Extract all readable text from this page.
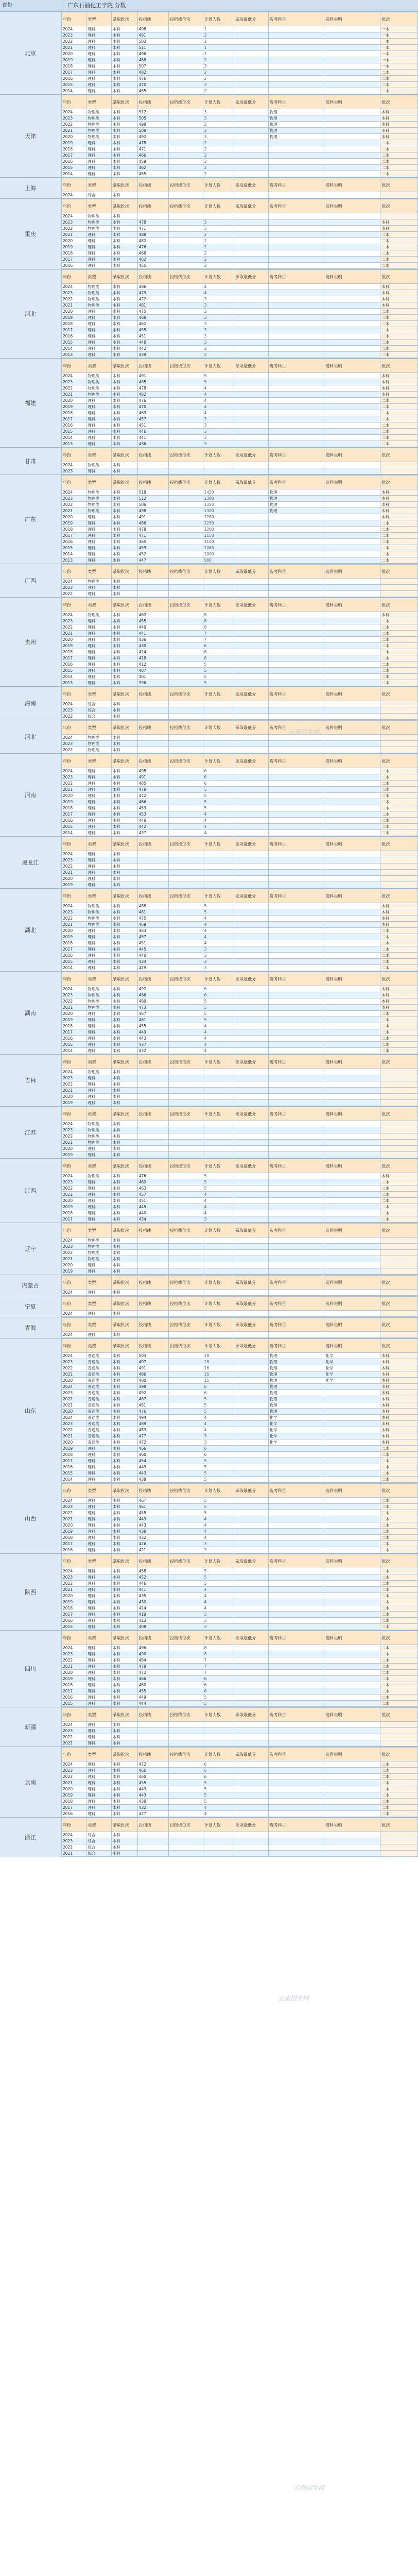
省份	广东石油化工学院 分数
北京
年份	类型	录取批次	投档线	投档线位次	计划人数	录取最低分	选考科目	选科说明	批次
2024	理科	本科	498		1				一本
2023	理科	本科	491		2				一本
2022	理科	本科	503		1				一本
2021	理科	本科	511		1				一本
2020	理科	本科	496		2				一本
2019	理科	本科	488		2				一本
2018	理科	本科	507		3				一本
2017	理科	本科	482		2				二本
2016	理科	本科	476		2				二本
2015	理科	本科	470		3				二本
2014	理科	本科	465		2				二本
天津
年份	类型	录取批次	投档线	投档线位次	计划人数	录取最低分	选考科目	选科说明	批次
2024	物理类	本科	512		3		物理		本科
2023	物理类	本科	505		3		物理		本科
2022	物理类	本科	498		2		物理		本科
2021	物理类	本科	508		2		物理		本科
2020	物理类	本科	492		3		物理		本科
2019	理科	本科	478		2				二本
2018	理科	本科	471		2				二本
2017	理科	本科	466		2				二本
2016	理科	本科	459		2				二本
2015	理科	本科	462		2				二本
2014	理科	本科	455		2				二本
上海	年份	类型	录取批次	投档线	投档线位次	计划人数	录取最低分	选考科目	选科说明	批次
2024	综合	本科							
重庆
年份	类型	录取批次	投档线	投档线位次	计划人数	录取最低分	选考科目	选科说明	批次
2024	物理类	本科							
2023	物理类	本科	478		3				本科
2022	物理类	本科	471		3				本科
2021	理科	本科	488		2				二本
2020	理科	本科	482		2				二本
2019	理科	本科	476		2				二本
2018	理科	本科	468		2				二本
2017	理科	本科	462		2				二本
2016	理科	本科	455		2				二本
河北
年份	类型	录取批次	投档线	投档线位次	计划人数	录取最低分	选考科目	选科说明	批次
2024	物理类	本科	486		4				本科
2023	物理类	本科	479		4				本科
2022	物理类	本科	472		3				本科
2021	物理类	本科	481		3				本科
2020	理科	本科	475		3				二本
2019	理科	本科	468		3				二本
2018	理科	本科	462		3				二本
2017	理科	本科	455		3				二本
2016	理科	本科	451		3				二本
2015	理科	本科	448		3				二本
2014	理科	本科	442		2				二本
2013	理科	本科	439		2				二本
福建
年份	类型	录取批次	投档线	投档线位次	计划人数	录取最低分	选考科目	选科说明	批次
2024	物理类	本科	491		5				本科
2023	物理类	本科	485		5				本科
2022	物理类	本科	478		4				本科
2021	物理类	本科	482		4				本科
2020	理科	本科	476		4				二本
2019	理科	本科	470		4				二本
2018	理科	本科	463		4				二本
2017	理科	本科	457		3				二本
2016	理科	本科	451		3				二本
2015	理科	本科	446		3				二本
2014	理科	本科	441		3				二本
2013	理科	本科	436		3				二本
甘肃
年份	类型	录取批次	投档线	投档线位次	计划人数	录取最低分	选考科目	选科说明	批次
2024	物理类	本科							
2023	理科	本科							
广东
年份	类型	录取批次	投档线	投档线位次	计划人数	录取最低分	选考科目	选科说明	批次
2024	物理类	本科	518		1420		物理		本科
2023	物理类	本科	512		1380		物理		本科
2022	物理类	本科	506		1350		物理		本科
2021	物理类	本科	498		1300		物理		本科
2020	理科	本科	491		1280				本科
2019	理科	本科	486		1250				二本
2018	理科	本科	478		1200				二本
2017	理科	本科	471		1150				二本
2016	理科	本科	465		1100				二本
2015	理科	本科	459		1060				二本
2014	理科	本科	452		1000				二本
2013	理科	本科	447		980				二本
广西
年份	类型	录取批次	投档线	投档线位次	计划人数	录取最低分	选考科目	选科说明	批次
2024	物理类	本科							
2023	理科	本科							
2022	理科	本科							
贵州
年份	类型	录取批次	投档线	投档线位次	计划人数	录取最低分	选考科目	选科说明	批次
2024	物理类	本科	462		8				本科
2023	理科	本科	455		8				二本
2022	理科	本科	449		8				二本
2021	理科	本科	441		7				二本
2020	理科	本科	436		7				二本
2019	理科	本科	430		6				二本
2018	理科	本科	424		6				二本
2017	理科	本科	418		6				二本
2016	理科	本科	412		5				二本
2015	理科	本科	407		5				二本
2014	理科	本科	401		5				二本
2013	理科	本科	396		5				二本
海南
年份	类型	录取批次	投档线	投档线位次	计划人数	录取最低分	选考科目	选科说明	批次
2024	综合	本科							
2023	综合	本科							
2022	综合	本科							
河北
年份	类型	录取批次	投档线	投档线位次	计划人数	录取最低分	选考科目	选科说明	批次
2024	物理类	本科							
2023	物理类	本科							
2022	物理类	本科							
河南
年份	类型	录取批次	投档线	投档线位次	计划人数	录取最低分	选考科目	选科说明	批次
2024	理科	本科	498		6				二本
2023	理科	本科	491		6				二本
2022	理科	本科	485		6				二本
2021	理科	本科	478		5				二本
2020	理科	本科	472		5				二本
2019	理科	本科	466		5				二本
2018	理科	本科	459		5				二本
2017	理科	本科	453		4				二本
2016	理科	本科	448		4				二本
2015	理科	本科	442		4				二本
2014	理科	本科	437		4				二本
黑龙江
年份	类型	录取批次	投档线	投档线位次	计划人数	录取最低分	选考科目	选科说明	批次
2024	理科	本科							
2023	理科	本科							
2022	理科	本科							
2021	理科	本科							
2020	理科	本科							
2019	理科	本科							
湖北
年份	类型	录取批次	投档线	投档线位次	计划人数	录取最低分	选考科目	选科说明	批次
2024	物理类	本科	488		5				本科
2023	物理类	本科	481		5				本科
2022	物理类	本科	475		4				本科
2021	物理类	本科	469		4				本科
2020	理科	本科	463		4				二本
2019	理科	本科	457		4				二本
2018	理科	本科	451		4				二本
2017	理科	本科	445		3				二本
2016	理科	本科	440		3				二本
2015	理科	本科	434		3				二本
2014	理科	本科	429		3				二本
湖南
年份	类型	录取批次	投档线	投档线位次	计划人数	录取最低分	选考科目	选科说明	批次
2024	物理类	本科	492		6				本科
2023	物理类	本科	486		6				本科
2022	物理类	本科	480		5				本科
2021	物理类	本科	473		5				本科
2020	理科	本科	467		5				二本
2019	理科	本科	461		5				二本
2018	理科	本科	455		4				二本
2017	理科	本科	449		4				二本
2016	理科	本科	443		4				二本
2015	理科	本科	437		4				二本
2014	理科	本科	432		4				二本
吉林
年份	类型	录取批次	投档线	投档线位次	计划人数	录取最低分	选考科目	选科说明	批次
2024	物理类	本科							
2023	理科	本科							
2022	理科	本科							
2021	理科	本科							
2020	理科	本科							
2019	理科	本科							
江苏
年份	类型	录取批次	投档线	投档线位次	计划人数	录取最低分	选考科目	选科说明	批次
2024	物理类	本科							
2023	物理类	本科							
2022	物理类	本科							
2021	物理类	本科							
2020	理科	本科							
2019	理科	本科							
江西
年份	类型	录取批次	投档线	投档线位次	计划人数	录取最低分	选考科目	选科说明	批次
2024	物理类	本科	476		5				本科
2023	理科	本科	469		5				二本
2022	理科	本科	463		5				二本
2021	理科	本科	457		4				二本
2020	理科	本科	451		4				二本
2019	理科	本科	445		4				二本
2018	理科	本科	440		4				二本
2017	理科	本科	434		3				二本
辽宁
年份	类型	录取批次	投档线	投档线位次	计划人数	录取最低分	选考科目	选科说明	批次
2024	物理类	本科							
2023	物理类	本科							
2022	物理类	本科							
2021	物理类	本科							
2020	理科	本科							
2019	理科	本科							
内蒙古	年份	类型	录取批次	投档线	投档线位次	计划人数	录取最低分	选考科目	选科说明	批次
2024	理科	本科							
宁夏	年份	类型	录取批次	投档线	投档线位次	计划人数	录取最低分	选考科目	选科说明	批次
2024	理科	本科							
青海	年份	类型	录取批次	投档线	投档线位次	计划人数	录取最低分	选考科目	选科说明	批次
2024	理科	本科							
山东
年份	类型	录取批次	投档线	投档线位次	计划人数	录取最低分	选考科目	选科说明	批次
2024	普通类	本科	503		18		物理	化学	本科
2023	普通类	本科	497		18		物理	化学	本科
2022	普通类	本科	491		16		物理	化学	本科
2021	普通类	本科	486		16		物理	化学	本科
2020	普通类	本科	480		15		物理	化学	本科
2024	普通类	本科	498		6		物理		本科
2023	普通类	本科	492		6		物理		本科
2022	普通类	本科	487		5		物理		本科
2021	普通类	本科	481		5		物理		本科
2020	普通类	本科	476		5		物理		本科
2024	普通类	本科	494		4		化学		本科
2023	普通类	本科	489		4		化学		本科
2022	普通类	本科	483		4		化学		本科
2021	普通类	本科	477		3		化学		本科
2020	普通类	本科	472		3		化学		本科
2019	理科	本科	466		6				二本
2018	理科	本科	460		6				二本
2017	理科	本科	454		5				二本
2016	理科	本科	449		5				二本
2015	理科	本科	443		5				二本
2014	理科	本科	438		5				二本
山西
年份	类型	录取批次	投档线	投档线位次	计划人数	录取最低分	选考科目	选科说明	批次
2024	理科	本科	467		5				二本
2023	理科	本科	461		5				二本
2022	理科	本科	455		5				二本
2021	理科	本科	449		4				二本
2020	理科	本科	443		4				二本
2019	理科	本科	438		4				二本
2018	理科	本科	432		4				二本
2017	理科	本科	426		3				二本
2016	理科	本科	421		3				二本
陕西
年份	类型	录取批次	投档线	投档线位次	计划人数	录取最低分	选考科目	选科说明	批次
2024	理科	本科	458		5				二本
2023	理科	本科	452		5				二本
2022	理科	本科	446		5				二本
2021	理科	本科	441		4				二本
2020	理科	本科	435		4				二本
2019	理科	本科	430		4				二本
2018	理科	本科	424		4				二本
2017	理科	本科	419		3				二本
2016	理科	本科	413		3				二本
2015	理科	本科	408		3				二本
四川
年份	类型	录取批次	投档线	投档线位次	计划人数	录取最低分	选考科目	选科说明	批次
2024	理科	本科	496		8				二本
2023	理科	本科	490		8				二本
2022	理科	本科	484		7				二本
2021	理科	本科	478		7				二本
2020	理科	本科	472		7				二本
2019	理科	本科	466		6				二本
2018	理科	本科	460		6				二本
2017	理科	本科	455		6				二本
2016	理科	本科	449		5				二本
2015	理科	本科	444		5				二本
新疆
年份	类型	录取批次	投档线	投档线位次	计划人数	录取最低分	选考科目	选科说明	批次
2024	理科	本科							
2023	理科	本科							
2022	理科	本科							
2021	理科	本科							
云南
年份	类型	录取批次	投档线	投档线位次	计划人数	录取最低分	选考科目	选科说明	批次
2024	理科	本科	472		6				二本
2023	理科	本科	466		6				二本
2022	理科	本科	460		6				二本
2021	理科	本科	455		5				二本
2020	理科	本科	449		5				二本
2019	理科	本科	443		5				二本
2018	理科	本科	438		5				二本
2017	理科	本科	432		4				二本
2016	理科	本科	427		4				二本
浙江
年份	类型	录取批次	投档线	投档线位次	计划人数	录取最低分	选考科目	选科说明	批次
2024	综合	本科							
2023	综合	本科							
2022	综合	本科							
2021	综合	本科							
云南招生网
云南招生网
云南招生网
